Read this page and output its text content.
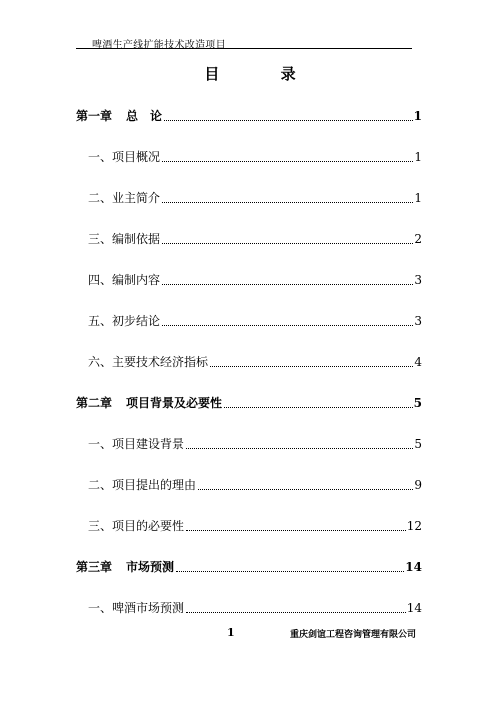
啤酒生产线扩能技术改造项目
目 录
第一章 总　论	1
一、项目概况	1
二、业主简介	1
三、编制依据	2
四、编制内容	3
五、初步结论	3
六、主要技术经济指标	4
第二章 项目背景及必要性	5
一、项目建设背景	5
二、项目提出的理由	9
三、项目的必要性	12
第三章 市场预测	14
一、啤酒市场预测	14
1	重庆剑谊工程咨询管理有限公司
